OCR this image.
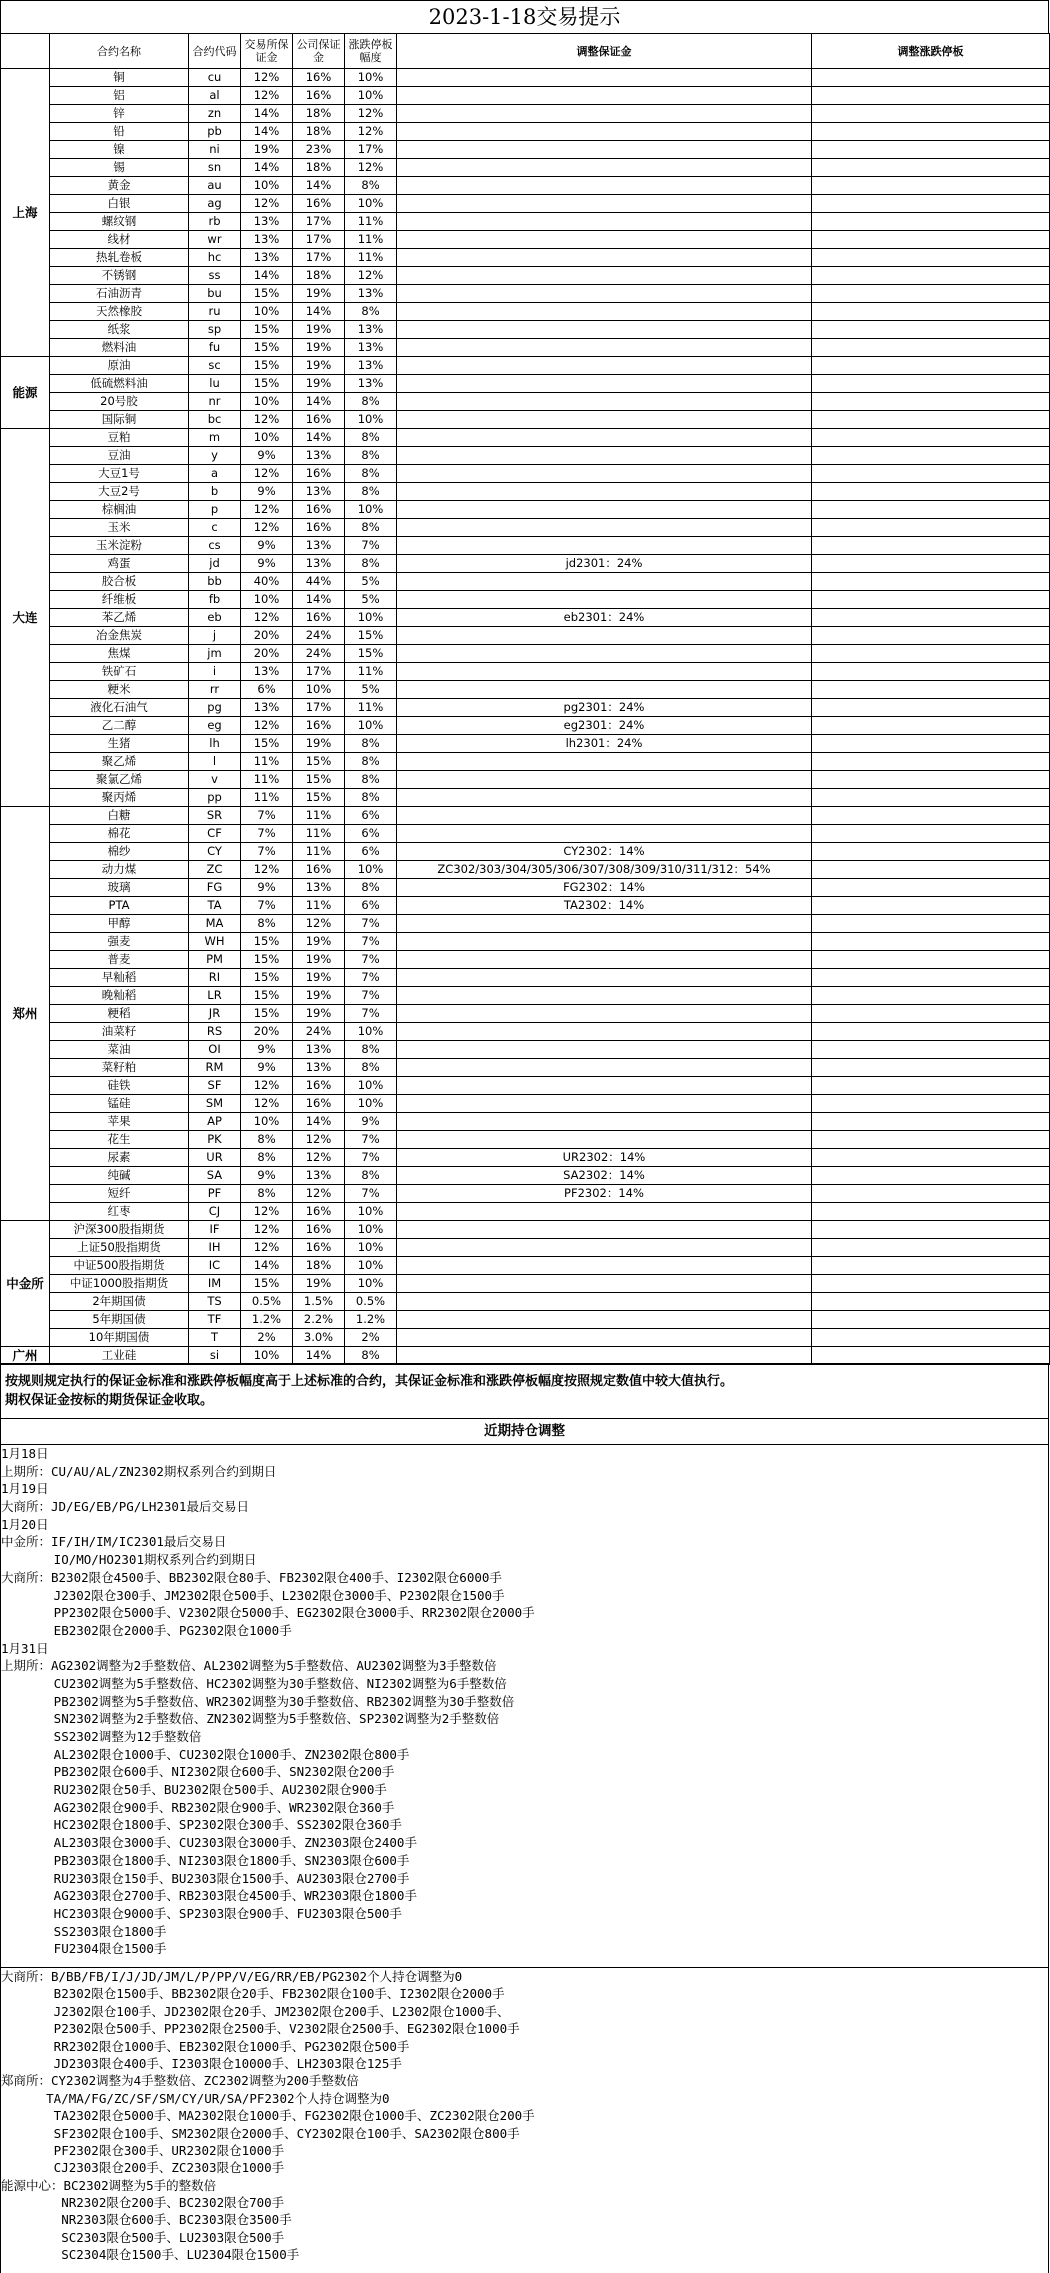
2023-1-18交易提示
	合约名称	合约代码	交易所保证金	公司保证金	涨跌停板幅度	调整保证金	调整涨跌停板
上海	铜	cu	12%	16%	10%		
	铝	al	12%	16%	10%		
	锌	zn	14%	18%	12%		
	铅	pb	14%	18%	12%		
	镍	ni	19%	23%	17%		
	锡	sn	14%	18%	12%		
	黄金	au	10%	14%	8%		
	白银	ag	12%	16%	10%		
	螺纹钢	rb	13%	17%	11%		
	线材	wr	13%	17%	11%		
	热轧卷板	hc	13%	17%	11%		
	不锈钢	ss	14%	18%	12%		
	石油沥青	bu	15%	19%	13%		
	天然橡胶	ru	10%	14%	8%		
	纸浆	sp	15%	19%	13%		
	燃料油	fu	15%	19%	13%		
能源	原油	sc	15%	19%	13%		
	低硫燃料油	lu	15%	19%	13%		
	20号胶	nr	10%	14%	8%		
	国际铜	bc	12%	16%	10%		
大连	豆粕	m	10%	14%	8%		
	豆油	y	9%	13%	8%		
	大豆1号	a	12%	16%	8%		
	大豆2号	b	9%	13%	8%		
	棕榈油	p	12%	16%	10%		
	玉米	c	12%	16%	8%		
	玉米淀粉	cs	9%	13%	7%		
	鸡蛋	jd	9%	13%	8%	jd2301：24%	
	胶合板	bb	40%	44%	5%		
	纤维板	fb	10%	14%	5%		
	苯乙烯	eb	12%	16%	10%	eb2301：24%	
	冶金焦炭	j	20%	24%	15%		
	焦煤	jm	20%	24%	15%		
	铁矿石	i	13%	17%	11%		
	粳米	rr	6%	10%	5%		
	液化石油气	pg	13%	17%	11%	pg2301：24%	
	乙二醇	eg	12%	16%	10%	eg2301：24%	
	生猪	lh	15%	19%	8%	lh2301：24%	
	聚乙烯	l	11%	15%	8%		
	聚氯乙烯	v	11%	15%	8%		
	聚丙烯	pp	11%	15%	8%		
郑州	白糖	SR	7%	11%	6%		
	棉花	CF	7%	11%	6%		
	棉纱	CY	7%	11%	6%	CY2302：14%	
	动力煤	ZC	12%	16%	10%	ZC302/303/304/305/306/307/308/309/310/311/312：54%	
	玻璃	FG	9%	13%	8%	FG2302：14%	
	PTA	TA	7%	11%	6%	TA2302：14%	
	甲醇	MA	8%	12%	7%		
	强麦	WH	15%	19%	7%		
	普麦	PM	15%	19%	7%		
	早籼稻	RI	15%	19%	7%		
	晚籼稻	LR	15%	19%	7%		
	粳稻	JR	15%	19%	7%		
	油菜籽	RS	20%	24%	10%		
	菜油	OI	9%	13%	8%		
	菜籽粕	RM	9%	13%	8%		
	硅铁	SF	12%	16%	10%		
	锰硅	SM	12%	16%	10%		
	苹果	AP	10%	14%	9%		
	花生	PK	8%	12%	7%		
	尿素	UR	8%	12%	7%	UR2302：14%	
	纯碱	SA	9%	13%	8%	SA2302：14%	
	短纤	PF	8%	12%	7%	PF2302：14%	
	红枣	CJ	12%	16%	10%		
中金所	沪深300股指期货	IF	12%	16%	10%		
	上证50股指期货	IH	12%	16%	10%		
	中证500股指期货	IC	14%	18%	10%		
	中证1000股指期货	IM	15%	19%	10%		
	2年期国债	TS	0.5%	1.5%	0.5%		
	5年期国债	TF	1.2%	2.2%	1.2%		
	10年期国债	T	2%	3.0%	2%		
广州	工业硅	si	10%	14%	8%		
按规则规定执行的保证金标准和涨跌停板幅度高于上述标准的合约，其保证金标准和涨跌停板幅度按照规定数值中较大值执行。
期权保证金按标的期货保证金收取。
近期持仓调整
1月18日
上期所：CU/AU/AL/ZN2302期权系列合约到期日
1月19日
大商所：JD/EG/EB/PG/LH2301最后交易日
1月20日
中金所：IF/IH/IM/IC2301最后交易日
IO/MO/HO2301期权系列合约到期日
大商所：B2302限仓4500手、BB2302限仓80手、FB2302限仓400手、I2302限仓6000手
J2302限仓300手、JM2302限仓500手、L2302限仓3000手、P2302限仓1500手
PP2302限仓5000手、V2302限仓5000手、EG2302限仓3000手、RR2302限仓2000手
EB2302限仓2000手、PG2302限仓1000手
1月31日
上期所：AG2302调整为2手整数倍、AL2302调整为5手整数倍、AU2302调整为3手整数倍
CU2302调整为5手整数倍、HC2302调整为30手整数倍、NI2302调整为6手整数倍
PB2302调整为5手整数倍、WR2302调整为30手整数倍、RB2302调整为30手整数倍
SN2302调整为2手整数倍、ZN2302调整为5手整数倍、SP2302调整为2手整数倍
SS2302调整为12手整数倍
AL2302限仓1000手、CU2302限仓1000手、ZN2302限仓800手
PB2302限仓600手、NI2302限仓600手、SN2302限仓200手
RU2302限仓50手、BU2302限仓500手、AU2302限仓900手
AG2302限仓900手、RB2302限仓900手、WR2302限仓360手
HC2302限仓1800手、SP2302限仓300手、SS2302限仓360手
AL2303限仓3000手、CU2303限仓3000手、ZN2303限仓2400手
PB2303限仓1800手、NI2303限仓1800手、SN2303限仓600手
RU2303限仓150手、BU2303限仓1500手、AU2303限仓2700手
AG2303限仓2700手、RB2303限仓4500手、WR2303限仓1800手
HC2303限仓9000手、SP2303限仓900手、FU2303限仓500手
SS2303限仓1800手
FU2304限仓1500手
大商所：B/BB/FB/I/J/JD/JM/L/P/PP/V/EG/RR/EB/PG2302个人持仓调整为0
B2302限仓1500手、BB2302限仓20手、FB2302限仓100手、I2302限仓2000手
J2302限仓100手、JD2302限仓20手、JM2302限仓200手、L2302限仓1000手、
P2302限仓500手、PP2302限仓2500手、V2302限仓2500手、EG2302限仓1000手
RR2302限仓1000手、EB2302限仓1000手、PG2302限仓500手
JD2303限仓400手、I2303限仓10000手、LH2303限仓125手
郑商所：CY2302调整为4手整数倍、ZC2302调整为200手整数倍
TA/MA/FG/ZC/SF/SM/CY/UR/SA/PF2302个人持仓调整为0
TA2302限仓5000手、MA2302限仓1000手、FG2302限仓1000手、ZC2302限仓200手
SF2302限仓100手、SM2302限仓2000手、CY2302限仓100手、SA2302限仓800手
PF2302限仓300手、UR2302限仓1000手
CJ2303限仓200手、ZC2303限仓1000手
能源中心：BC2302调整为5手的整数倍
NR2302限仓200手、BC2302限仓700手
NR2303限仓600手、BC2303限仓3500手
SC2303限仓500手、LU2303限仓500手
SC2304限仓1500手、LU2304限仓1500手
